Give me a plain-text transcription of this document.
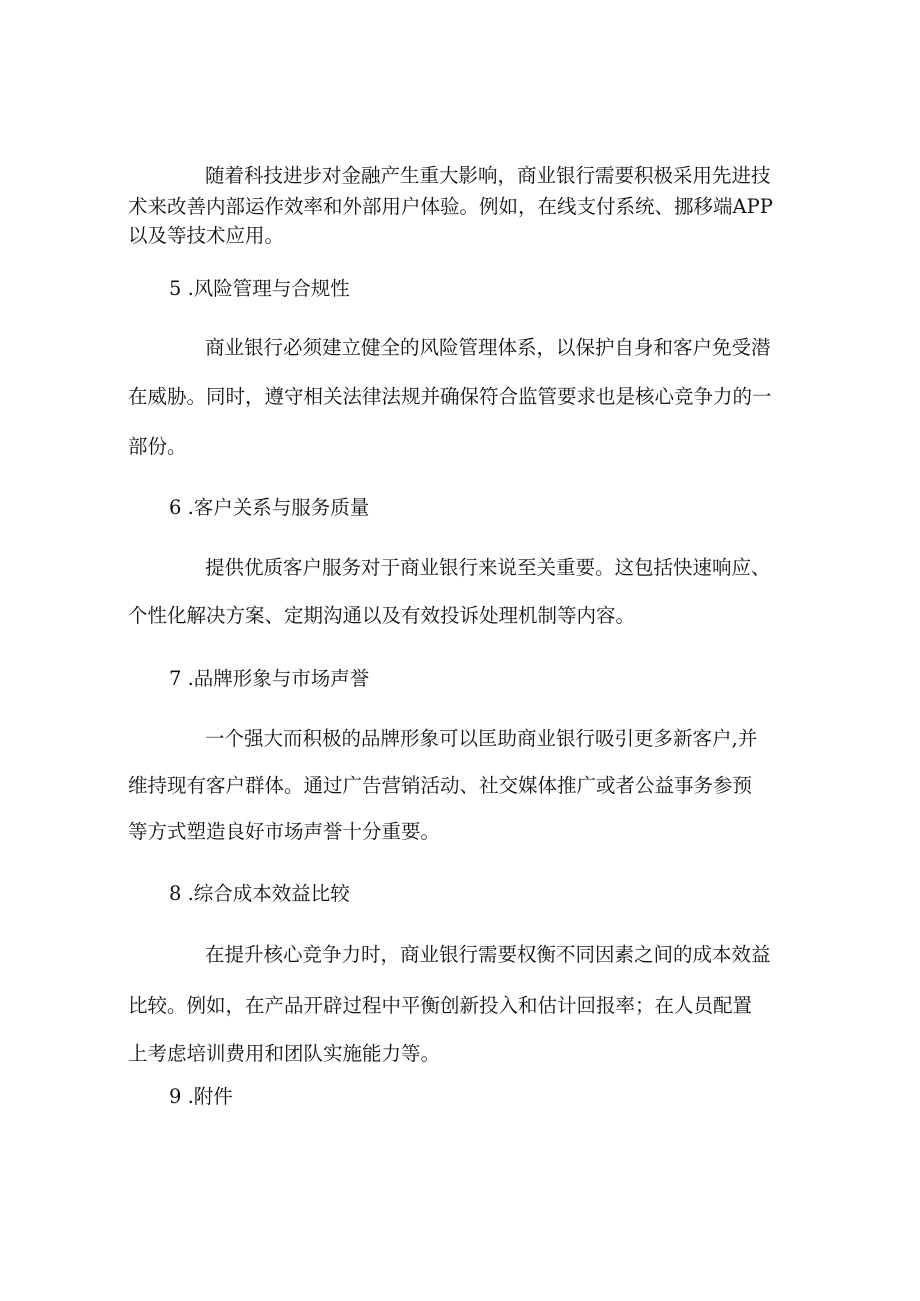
随着科技进步对金融产生重大影响，商业银行需要积极采用先进技

术来改善内部运作效率和外部用户体验。例如，在线支付系统、挪移端APP

以及等技术应用。

5 .风险管理与合规性

商业银行必须建立健全的风险管理体系，以保护自身和客户免受潜

在威胁。同时，遵守相关法律法规并确保符合监管要求也是核心竞争力的一

部份。

6 .客户关系与服务质量

提供优质客户服务对于商业银行来说至关重要。这包括快速响应、

个性化解决方案、定期沟通以及有效投诉处理机制等内容。

7 .品牌形象与市场声誉

一个强大而积极的品牌形象可以匡助商业银行吸引更多新客户,并

维持现有客户群体。通过广告营销活动、社交媒体推广或者公益事务参预

等方式塑造良好市场声誉十分重要。

8 .综合成本效益比较

在提升核心竞争力时，商业银行需要权衡不同因素之间的成本效益

比较。例如，在产品开辟过程中平衡创新投入和估计回报率；在人员配置

上考虑培训费用和团队实施能力等。

9 .附件
